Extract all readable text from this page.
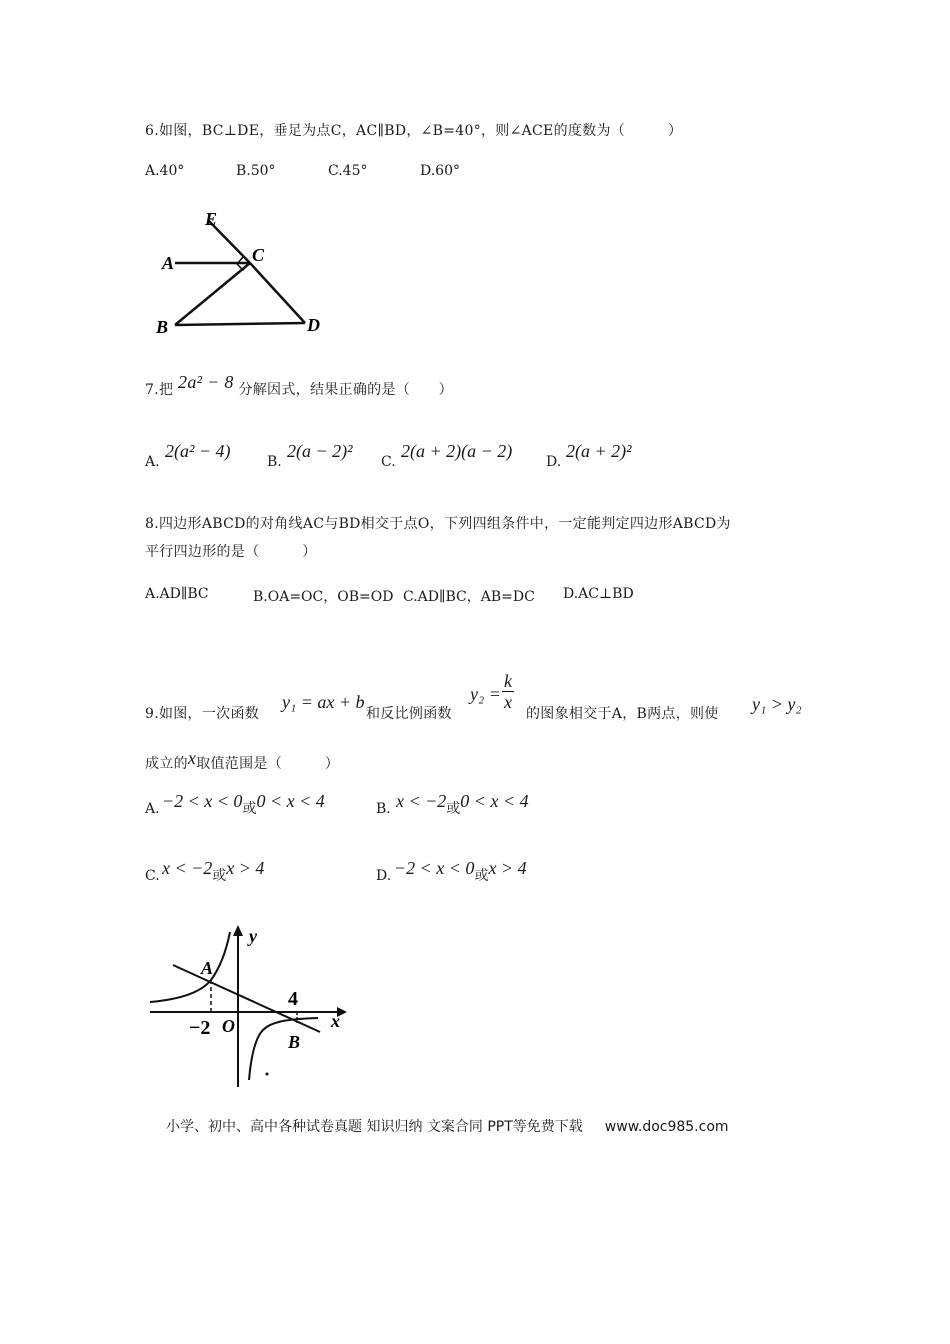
6.如图，BC⊥DE，垂足为点C，AC∥BD，∠B=40°，则∠ACE的度数为（　　　）
A.40°	B.50°	C.45°	D.60°
E
A	C
B	D
7.把 2a² − 8 分解因式，结果正确的是（　　）
A.
2(a² − 4)
B.
2(a − 2)²
C.
2(a + 2)(a − 2)
D.
2(a + 2)²
8.四边形ABCD的对角线AC与BD相交于点O，下列四组条件中，一定能判定四边形ABCD为
平行四边形的是（　　　）
A.AD∥BC	B.OA=OC，OB=OD C.AD∥BC，AB=DC D.AC⊥BD
9.如图，一次函数
y₁ = ax + b
和反比例函数
$y_2 = \frac{k}{x}$
的图象相交于A，B两点，则使 y₁ > y₂
成立的x取值范围是（　　　）
A. $-2 < x < 0_或0 < x < 4$	B. $x < -2_或0 < x < 4$
C. $x < -2_或x > 4$	D. $-2 < x < 0_或x > 4$
y
x
A
B
O
−2
4
小学、初中、高中各种试卷真题 知识归纳 文案合同 PPT等免费下载 www.doc985.com
